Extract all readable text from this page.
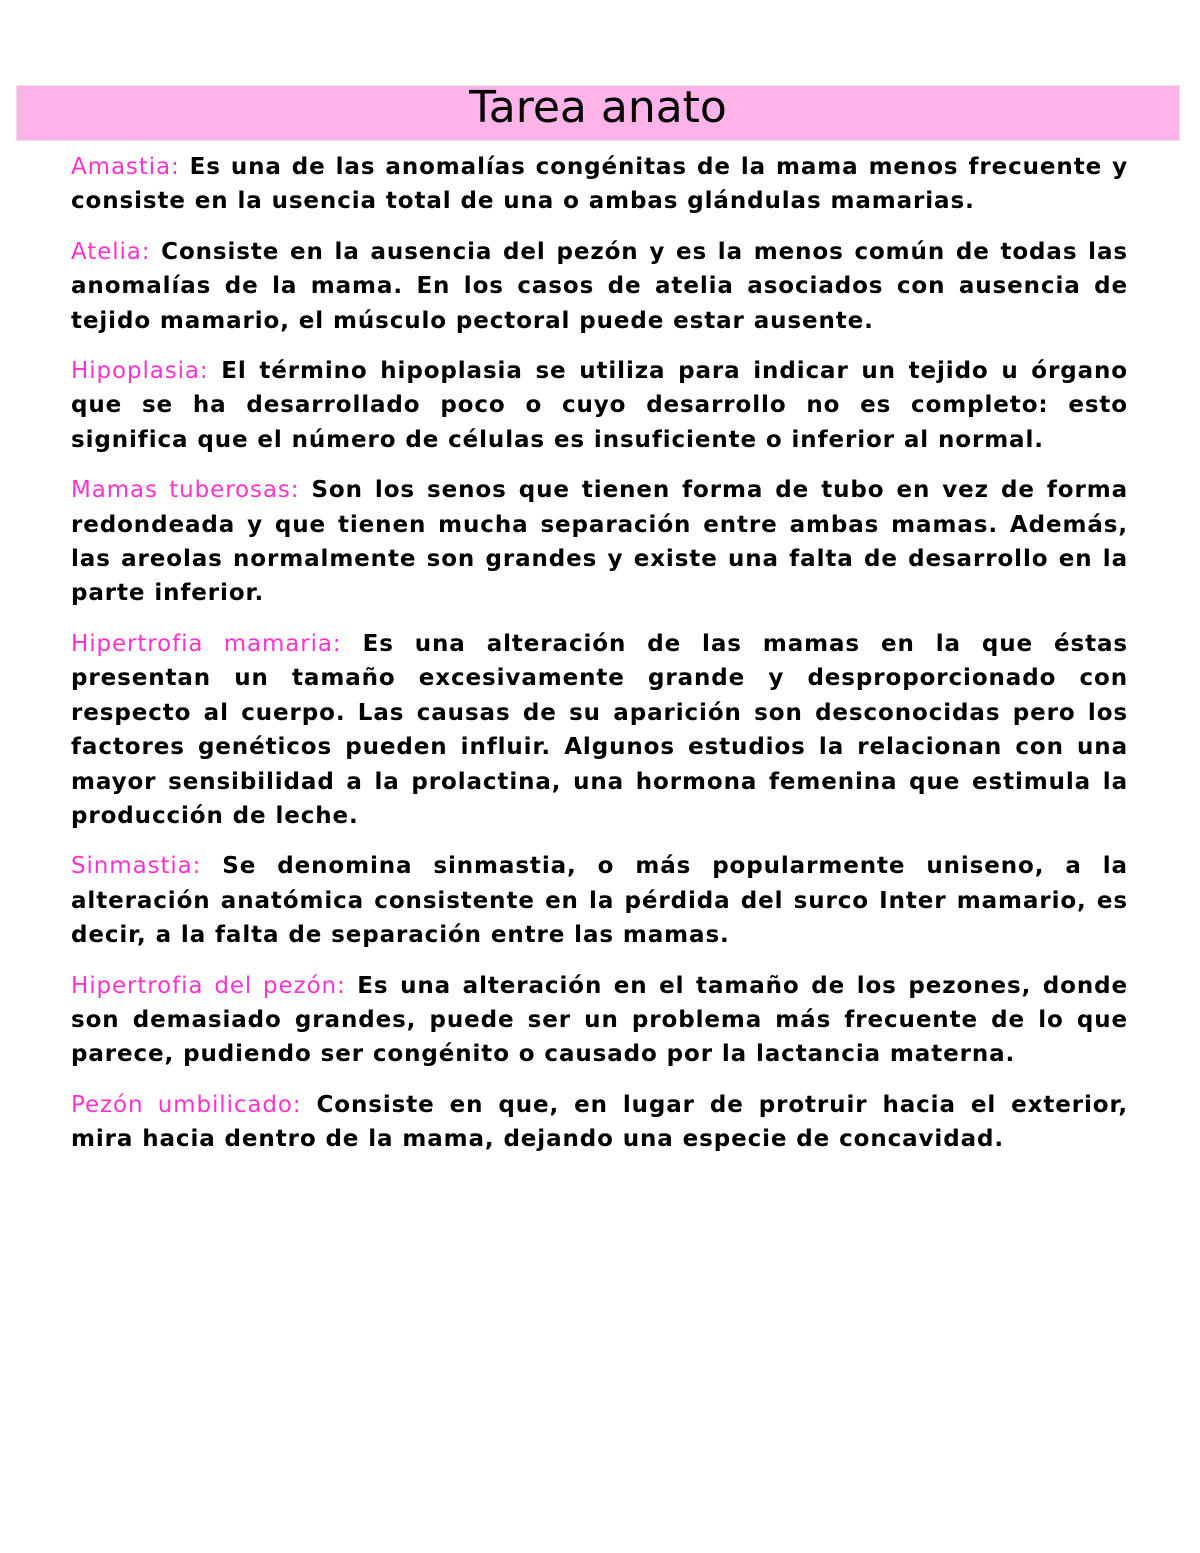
Tarea anato

Amastia: Es una de las anomalías congénitas de la mama menos frecuente y consiste en la usencia total de una o ambas glándulas mamarias.

Atelia: Consiste en la ausencia del pezón y es la menos común de todas las anomalías de la mama. En los casos de atelia asociados con ausencia de tejido mamario, el músculo pectoral puede estar ausente.

Hipoplasia: El término hipoplasia se utiliza para indicar un tejido u órgano que se ha desarrollado poco o cuyo desarrollo no es completo: esto significa que el número de células es insuficiente o inferior al normal.

Mamas tuberosas: Son los senos que tienen forma de tubo en vez de forma redondeada y que tienen mucha separación entre ambas mamas. Además, las areolas normalmente son grandes y existe una falta de desarrollo en la parte inferior.

Hipertrofia mamaria: Es una alteración de las mamas en la que éstas presentan un tamaño excesivamente grande y desproporcionado con respecto al cuerpo. Las causas de su aparición son desconocidas pero los factores genéticos pueden influir. Algunos estudios la relacionan con una mayor sensibilidad a la prolactina, una hormona femenina que estimula la producción de leche.

Sinmastia: Se denomina sinmastia, o más popularmente uniseno, a la alteración anatómica consistente en la pérdida del surco Inter mamario, es decir, a la falta de separación entre las mamas.

Hipertrofia del pezón: Es una alteración en el tamaño de los pezones, donde son demasiado grandes, puede ser un problema más frecuente de lo que parece, pudiendo ser congénito o causado por la lactancia materna.

Pezón umbilicado: Consiste en que, en lugar de protruir hacia el exterior, mira hacia dentro de la mama, dejando una especie de concavidad.
